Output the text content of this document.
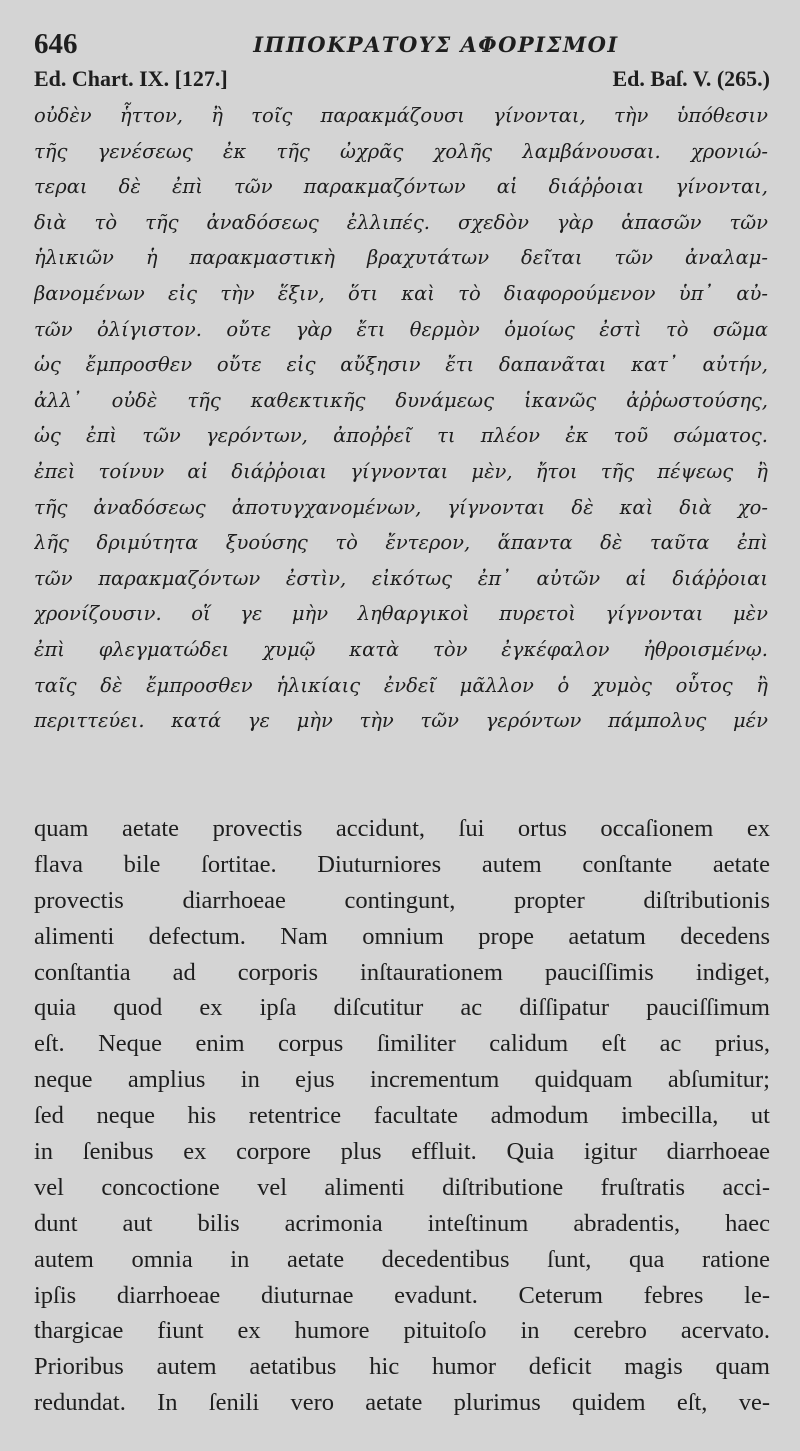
646	ΙΠΠΟΚΡΑΤΟΥΣ ΑΦΟΡΙΣΜΟΙ
Ed. Chart. IX. [127.]	Ed. Baſ. V. (265.)
οὐδὲν ἧττον, ἢ τοῖς παρακμάζουσι γίνονται, τὴν ὑπόθεσιν
τῆς γενέσεως ἐκ τῆς ὠχρᾶς χολῆς λαμβάνουσαι. χρονιώ-
τεραι δὲ ἐπὶ τῶν παρακμαζόντων αἱ διάῤῥοιαι γίνονται,
διὰ τὸ τῆς ἀναδόσεως ἐλλιπές. σχεδὸν γὰρ ἁπασῶν τῶν
ἡλικιῶν ἡ παρακμαστικὴ βραχυτάτων δεῖται τῶν ἀναλαμ-
βανομένων εἰς τὴν ἕξιν, ὅτι καὶ τὸ διαφορούμενον ὑπ᾽ αὐ-
τῶν ὀλίγιστον. οὔτε γὰρ ἔτι θερμὸν ὁμοίως ἐστὶ τὸ σῶμα
ὡς ἔμπροσθεν οὔτε εἰς αὔξησιν ἔτι δαπανᾶται κατ᾽ αὐτήν,
ἀλλ᾽ οὐδὲ τῆς καθεκτικῆς δυνάμεως ἱκανῶς ἀῤῥωστούσης,
ὡς ἐπὶ τῶν γερόντων, ἀποῤῥεῖ τι πλέον ἐκ τοῦ σώματος.
ἐπεὶ τοίνυν αἱ διάῤῥοιαι γίγνονται μὲν, ἤτοι τῆς πέψεως ἢ
τῆς ἀναδόσεως ἀποτυγχανομένων, γίγνονται δὲ καὶ διὰ χο-
λῆς δριμύτητα ξυούσης τὸ ἔντερον, ἅπαντα δὲ ταῦτα ἐπὶ
τῶν παρακμαζόντων ἐστὶν, εἰκότως ἐπ᾽ αὐτῶν αἱ διάῤῥοιαι
χρονίζουσιν. οἵ γε μὴν ληθαργικοὶ πυρετοὶ γίγνονται μὲν
ἐπὶ φλεγματώδει χυμῷ κατὰ τὸν ἐγκέφαλον ἠθροισμένῳ.
ταῖς δὲ ἔμπροσθεν ἡλικίαις ἐνδεῖ μᾶλλον ὁ χυμὸς οὗτος ἢ
περιττεύει. κατά γε μὴν τὴν τῶν γερόντων πάμπολυς μέν
quam aetate provectis accidunt, ſui ortus occaſionem ex
flava bile ſortitae. Diuturniores autem conſtante aetate
provectis diarrhoeae contingunt, propter diſtributionis
alimenti defectum. Nam omnium prope aetatum decedens
conſtantia ad corporis inſtaurationem pauciſſimis indiget,
quia quod ex ipſa diſcutitur ac diſſipatur pauciſſimum
eſt. Neque enim corpus ſimiliter calidum eſt ac prius,
neque amplius in ejus incrementum quidquam abſumitur;
ſed neque his retentrice facultate admodum imbecilla, ut
in ſenibus ex corpore plus effluit. Quia igitur diarrhoeae
vel concoctione vel alimenti diſtributione fruſtratis acci-
dunt aut bilis acrimonia inteſtinum abradentis, haec
autem omnia in aetate decedentibus ſunt, qua ratione
ipſis diarrhoeae diuturnae evadunt. Ceterum febres le-
thargicae fiunt ex humore pituitoſo in cerebro acervato.
Prioribus autem aetatibus hic humor deficit magis quam
redundat. In ſenili vero aetate plurimus quidem eſt, ve-
